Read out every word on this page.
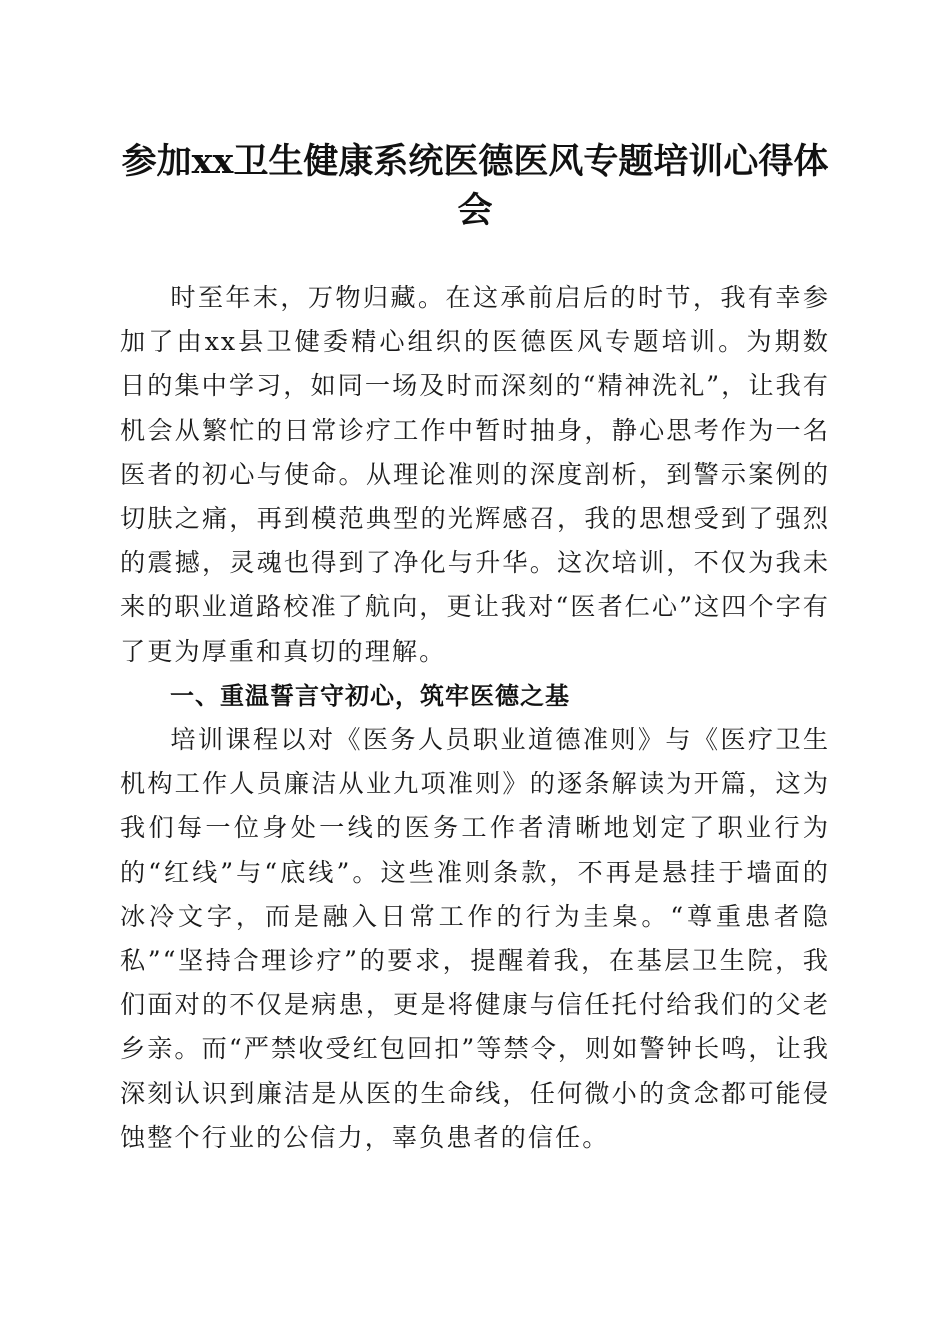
参加xx卫生健康系统医德医风专题培训心得体会

时至年末，万物归藏。在这承前启后的时节，我有幸参加了由xx县卫健委精心组织的医德医风专题培训。为期数日的集中学习，如同一场及时而深刻的“精神洗礼”，让我有机会从繁忙的日常诊疗工作中暂时抽身，静心思考作为一名医者的初心与使命。从理论准则的深度剖析，到警示案例的切肤之痛，再到模范典型的光辉感召，我的思想受到了强烈的震撼，灵魂也得到了净化与升华。这次培训，不仅为我未来的职业道路校准了航向，更让我对“医者仁心”这四个字有了更为厚重和真切的理解。

一、重温誓言守初心，筑牢医德之基

培训课程以对《医务人员职业道德准则》与《医疗卫生机构工作人员廉洁从业九项准则》的逐条解读为开篇，这为我们每一位身处一线的医务工作者清晰地划定了职业行为的“红线”与“底线”。这些准则条款，不再是悬挂于墙面的冰冷文字，而是融入日常工作的行为圭臬。“尊重患者隐私”“坚持合理诊疗”的要求，提醒着我，在基层卫生院，我们面对的不仅是病患，更是将健康与信任托付给我们的父老乡亲。而“严禁收受红包回扣”等禁令，则如警钟长鸣，让我深刻认识到廉洁是从医的生命线，任何微小的贪念都可能侵蚀整个行业的公信力，辜负患者的信任。
